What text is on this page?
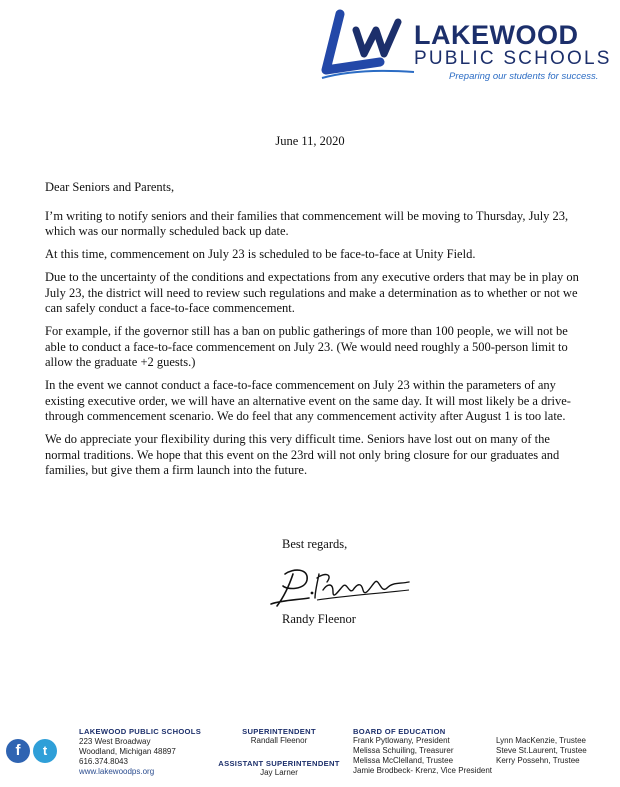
LAKEWOOD
PUBLIC SCHOOLS
Preparing our students for success.
June 11, 2020

Dear Seniors and Parents,

I’m writing to notify seniors and their families that commencement will be moving to Thursday, July 23, which was our normally scheduled back up date.

At this time, commencement on July 23 is scheduled to be face-to-face at Unity Field.

Due to the uncertainty of the conditions and expectations from any executive orders that may be in play on July 23, the district will need to review such regulations and make a determination as to whether or not we can safely conduct a face-to-face commencement.

For example, if the governor still has a ban on public gatherings of more than 100 people, we will not be able to conduct a face-to-face commencement on July 23. (We would need roughly a 500-person limit to allow the graduate +2 guests.)

In the event we cannot conduct a face-to-face commencement on July 23 within the parameters of any existing executive order, we will have an alternative event on the same day. It will most likely be a drive-through commencement scenario. We do feel that any commencement activity after August 1 is too late.

We do appreciate your flexibility during this very difficult time. Seniors have lost out on many of the normal traditions. We hope that this event on the 23rd will not only bring closure for our graduates and families, but give them a firm launch into the future.

Best regards,
Randy Fleenor
f	t
LAKEWOOD PUBLIC SCHOOLS
223 West Broadway
Woodland, Michigan 48897
616.374.8043
www.lakewoodps.org
SUPERINTENDENT
Randall Fleenor
ASSISTANT SUPERINTENDENT
Jay Larner
BOARD OF EDUCATION
Frank Pytlowany, President
Melissa Schuiling, Treasurer
Melissa McClelland, Trustee
Jamie Brodbeck- Krenz, Vice President
Lynn MacKenzie, Trustee
Steve St.Laurent, Trustee
Kerry Possehn, Trustee
